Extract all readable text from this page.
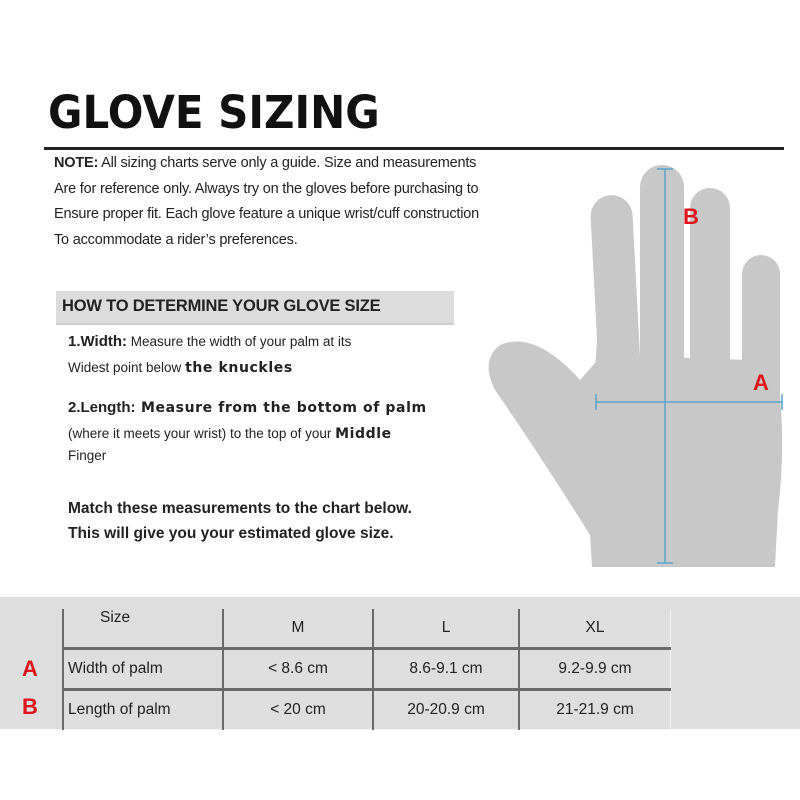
GLOVE SIZING
NOTE: All sizing charts serve only a guide. Size and measurements
Are for reference only. Always try on the gloves before purchasing to
Ensure proper fit. Each glove feature a unique wrist/cuff construction
To accommodate a rider’s preferences.
HOW TO DETERMINE YOUR GLOVE SIZE
1.Width: Measure the width of your palm at its
Widest point below the knuckles
2.Length: Measure from the bottom of palm
(where it meets your wrist) to the top of your Middle
Finger
Match these measurements to the chart below.
This will give you your estimated glove size.
B
A
Size	M	L	XL
Width of palm	< 8.6 cm	8.6-9.1 cm	9.2-9.9 cm
Length of palm	< 20 cm	20-20.9 cm	21-21.9 cm
A
B
